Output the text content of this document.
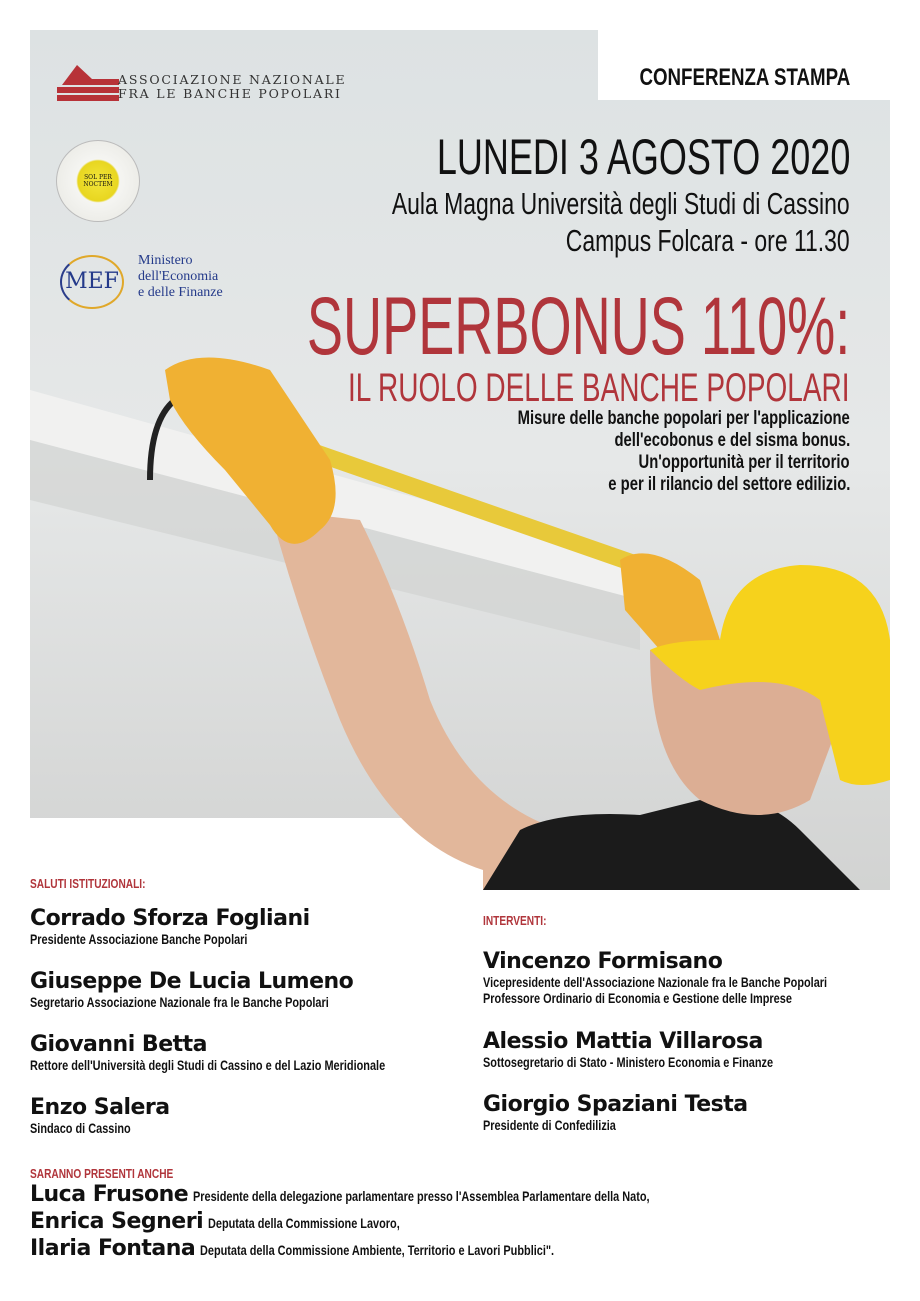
ASSOCIAZIONE NAZIONALE
FRA LE BANCHE POPOLARI
SOL PER NOCTEM
MEF
Ministero
dell'Economia
e delle Finanze
CONFERENZA STAMPA
LUNEDI 3 AGOSTO 2020
Aula Magna Università degli Studi di Cassino
Campus Folcara - ore 11.30
SUPERBONUS 110%:
IL RUOLO DELLE BANCHE POPOLARI
Misure delle banche popolari per l'applicazione
dell'ecobonus e del sisma bonus.
Un'opportunità per il territorio
e per il rilancio del settore edilizio.
SALUTI ISTITUZIONALI:
Corrado Sforza Fogliani
Presidente Associazione Banche Popolari
Giuseppe De Lucia Lumeno
Segretario Associazione Nazionale fra le Banche Popolari
Giovanni Betta
Rettore dell'Università degli Studi di Cassino e del Lazio Meridionale
Enzo Salera
Sindaco di Cassino
INTERVENTI:
Vincenzo Formisano
Vicepresidente dell'Associazione Nazionale fra le Banche Popolari
Professore Ordinario di Economia e Gestione delle Imprese
Alessio Mattia Villarosa
Sottosegretario di Stato - Ministero Economia e Finanze
Giorgio Spaziani Testa
Presidente di Confedilizia
SARANNO PRESENTI ANCHE
Luca Frusone Presidente della delegazione parlamentare presso l'Assemblea Parlamentare della Nato,
Enrica Segneri Deputata della Commissione Lavoro,
Ilaria Fontana Deputata della Commissione Ambiente, Territorio e Lavori Pubblici".
